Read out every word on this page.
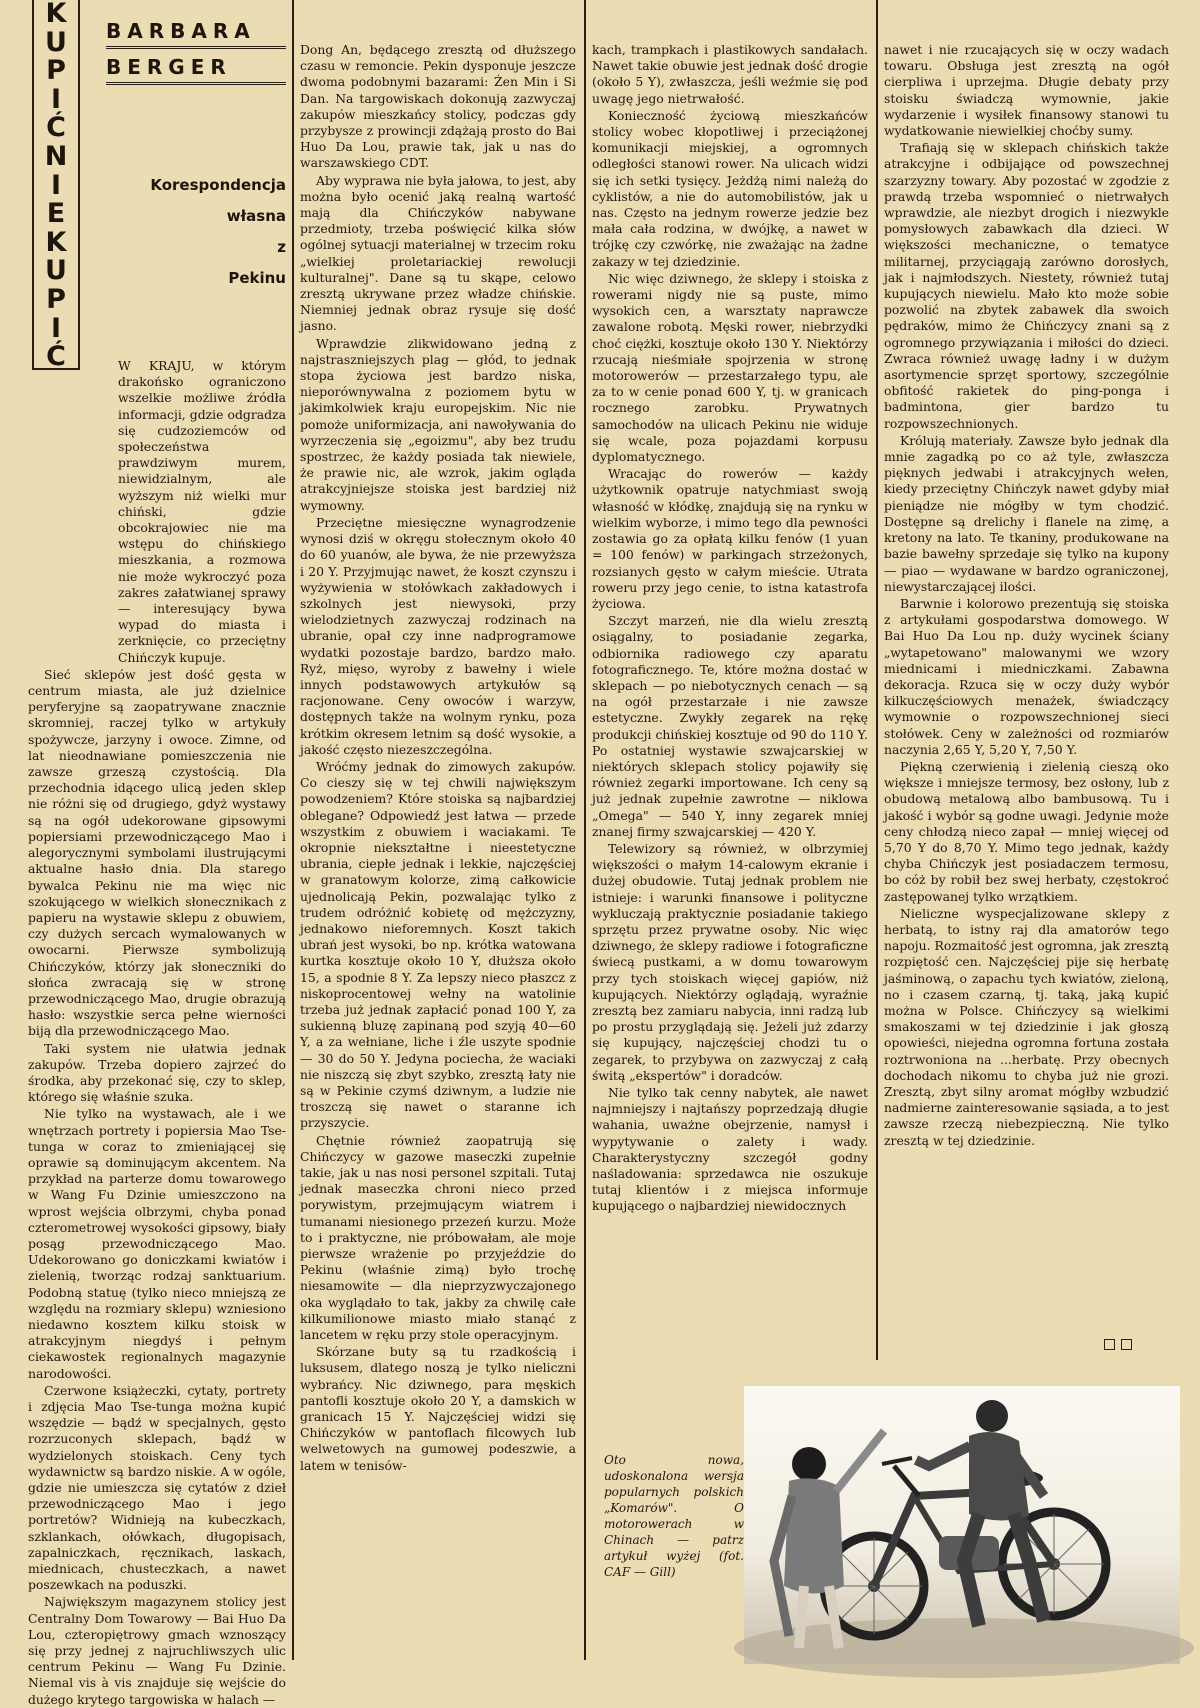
K
U
P
I
Ć
N
I
E
K
U
P
I
Ć
BARBARA
BERGER
Korespondencja
własna
z
Pekinu

W KRAJU, w którym drakońsko ograniczono wszelkie możliwe źródła informacji, gdzie odgradza się cudzoziemców od społeczeństwa prawdziwym murem, niewidzialnym, ale wyższym niż wielki mur chiński, gdzie obcokrajowiec nie ma wstępu do chińskiego mieszkania, a rozmowa nie może wykroczyć poza zakres załatwianej sprawy — interesujący bywa wypad do miasta i zerknięcie, co przeciętny Chińczyk kupuje.

Sieć sklepów jest dość gęsta w centrum miasta, ale już dzielnice peryferyjne są zaopatrywane znacznie skromniej, raczej tylko w artykuły spożywcze, jarzyny i owoce. Zimne, od lat nieodnawiane pomieszczenia nie zawsze grzeszą czystością. Dla przechodnia idącego ulicą jeden sklep nie różni się od drugiego, gdyż wystawy są na ogół udekorowane gipsowymi popiersiami przewodniczącego Mao i alegorycznymi symbolami ilustrującymi aktualne hasło dnia. Dla starego bywalca Pekinu nie ma więc nic szokującego w wielkich słonecznikach z papieru na wystawie sklepu z obuwiem, czy dużych sercach wymalowanych w owocarni. Pierwsze symbolizują Chińczyków, którzy jak słoneczniki do słońca zwracają się w stronę przewodniczącego Mao, drugie obrazują hasło: wszystkie serca pełne wierności biją dla przewodniczącego Mao.

Taki system nie ułatwia jednak zakupów. Trzeba dopiero zajrzeć do środka, aby przekonać się, czy to sklep, którego się właśnie szuka.

Nie tylko na wystawach, ale i we wnętrzach portrety i popiersia Mao Tse-tunga w coraz to zmieniającej się oprawie są dominującym akcentem. Na przykład na parterze domu towarowego w Wang Fu Dzinie umieszczono na wprost wejścia olbrzymi, chyba ponad czterometrowej wysokości gipsowy, biały posąg przewodniczącego Mao. Udekorowano go doniczkami kwiatów i zielenią, tworząc rodzaj sanktuarium. Podobną statuę (tylko nieco mniejszą ze względu na rozmiary sklepu) wzniesiono niedawno kosztem kilku stoisk w atrakcyjnym niegdyś i pełnym ciekawostek regionalnych magazynie narodowości.

Czerwone książeczki, cytaty, portrety i zdjęcia Mao Tse-tunga można kupić wszędzie — bądź w specjalnych, gęsto rozrzuconych sklepach, bądź w wydzielonych stoiskach. Ceny tych wydawnictw są bardzo niskie. A w ogóle, gdzie nie umieszcza się cytatów z dzieł przewodniczącego Mao i jego portretów? Widnieją na kubeczkach, szklankach, ołówkach, długopisach, zapalniczkach, ręcznikach, laskach, miednicach, chusteczkach, a nawet poszewkach na poduszki.

Największym magazynem stolicy jest Centralny Dom Towarowy — Bai Huo Da Lou, czteropiętrowy gmach wznoszący się przy jednej z najruchliwszych ulic centrum Pekinu — Wang Fu Dzinie. Niemal vis à vis znajduje się wejście do dużego krytego targowiska w halach —

Dong An, będącego zresztą od dłuższego czasu w remoncie. Pekin dysponuje jeszcze dwoma podobnymi bazarami: Żen Min i Si Dan. Na targowiskach dokonują zazwyczaj zakupów mieszkańcy stolicy, podczas gdy przybysze z prowincji zdążają prosto do Bai Huo Da Lou, prawie tak, jak u nas do warszawskiego CDT.

Aby wyprawa nie była jałowa, to jest, aby można było ocenić jaką realną wartość mają dla Chińczyków nabywane przedmioty, trzeba poświęcić kilka słów ogólnej sytuacji materialnej w trzecim roku „wielkiej proletariackiej rewolucji kulturalnej". Dane są tu skąpe, celowo zresztą ukrywane przez władze chińskie. Niemniej jednak obraz rysuje się dość jasno.

Wprawdzie zlikwidowano jedną z najstraszniejszych plag — głód, to jednak stopa życiowa jest bardzo niska, nieporównywalna z poziomem bytu w jakimkolwiek kraju europejskim. Nic nie pomoże uniformizacja, ani nawoływania do wyrzeczenia się „egoizmu", aby bez trudu spostrzec, że każdy posiada tak niewiele, że prawie nic, ale wzrok, jakim ogląda atrakcyjniejsze stoiska jest bardziej niż wymowny.

Przeciętne miesięczne wynagrodzenie wynosi dziś w okręgu stołecznym około 40 do 60 yuanów, ale bywa, że nie przewyższa i 20 Y. Przyjmując nawet, że koszt czynszu i wyżywienia w stołówkach zakładowych i szkolnych jest niewysoki, przy wielodzietnych zazwyczaj rodzinach na ubranie, opał czy inne nadprogramowe wydatki pozostaje bardzo, bardzo mało. Ryż, mięso, wyroby z bawełny i wiele innych podstawowych artykułów są racjonowane. Ceny owoców i warzyw, dostępnych także na wolnym rynku, poza krótkim okresem letnim są dość wysokie, a jakość często niezeszczególna.

Wróćmy jednak do zimowych zakupów. Co cieszy się w tej chwili największym powodzeniem? Które stoiska są najbardziej oblegane? Odpowiedź jest łatwa — przede wszystkim z obuwiem i waciakami. Te okropnie niekształtne i nieestetyczne ubrania, ciepłe jednak i lekkie, najczęściej w granatowym kolorze, zimą całkowicie ujednolicają Pekin, pozwalając tylko z trudem odróżnić kobietę od mężczyzny, jednakowo nieforemnych. Koszt takich ubrań jest wysoki, bo np. krótka watowana kurtka kosztuje około 10 Y, dłuższa około 15, a spodnie 8 Y. Za lepszy nieco płaszcz z niskoprocentowej wełny na watolinie trzeba już jednak zapłacić ponad 100 Y, za sukienną bluzę zapinaną pod szyją 40—60 Y, a za wełniane, liche i źle uszyte spodnie — 30 do 50 Y. Jedyna pociecha, że waciaki nie niszczą się zbyt szybko, zresztą łaty nie są w Pekinie czymś dziwnym, a ludzie nie troszczą się nawet o staranne ich przyszycie.

Chętnie również zaopatrują się Chińczycy w gazowe maseczki zupełnie takie, jak u nas nosi personel szpitali. Tutaj jednak maseczka chroni nieco przed porywistym, przejmującym wiatrem i tumanami niesionego przezeń kurzu. Może to i praktyczne, nie próbowałam, ale moje pierwsze wrażenie po przyjeździe do Pekinu (właśnie zimą) było trochę niesamowite — dla nieprzyzwyczajonego oka wyglądało to tak, jakby za chwilę całe kilkumilionowe miasto miało stanąć z lancetem w ręku przy stole operacyjnym.

Skórzane buty są tu rzadkością i luksusem, dlatego noszą je tylko nieliczni wybrańcy. Nic dziwnego, para męskich pantofli kosztuje około 20 Y, a damskich w granicach 15 Y. Najczęściej widzi się Chińczyków w pantoflach filcowych lub welwetowych na gumowej podeszwie, a latem w tenisów-

kach, trampkach i plastikowych sandałach. Nawet takie obuwie jest jednak dość drogie (około 5 Y), zwłaszcza, jeśli weźmie się pod uwagę jego nietrwałość.

Konieczność życiową mieszkańców stolicy wobec kłopotliwej i przeciążonej komunikacji miejskiej, a ogromnych odległości stanowi rower. Na ulicach widzi się ich setki tysięcy. Jeżdżą nimi należą do cyklistów, a nie do automobilistów, jak u nas. Często na jednym rowerze jedzie bez mała cała rodzina, w dwójkę, a nawet w trójkę czy czwórkę, nie zważając na żadne zakazy w tej dziedzinie.

Nic więc dziwnego, że sklepy i stoiska z rowerami nigdy nie są puste, mimo wysokich cen, a warsztaty naprawcze zawalone robotą. Męski rower, niebrzydki choć ciężki, kosztuje około 130 Y. Niektórzy rzucają nieśmiałe spojrzenia w stronę motorowerów — przestarzałego typu, ale za to w cenie ponad 600 Y, tj. w granicach rocznego zarobku. Prywatnych samochodów na ulicach Pekinu nie widuje się wcale, poza pojazdami korpusu dyplomatycznego.

Wracając do rowerów — każdy użytkownik opatruje natychmiast swoją własność w kłódkę, znajdują się na rynku w wielkim wyborze, i mimo tego dla pewności zostawia go za opłatą kilku fenów (1 yuan = 100 fenów) w parkingach strzeżonych, rozsianych gęsto w całym mieście. Utrata roweru przy jego cenie, to istna katastrofa życiowa.

Szczyt marzeń, nie dla wielu zresztą osiągalny, to posiadanie zegarka, odbiornika radiowego czy aparatu fotograficznego. Te, które można dostać w sklepach — po niebotycznych cenach — są na ogół przestarzałe i nie zawsze estetyczne. Zwykły zegarek na rękę produkcji chińskiej kosztuje od 90 do 110 Y. Po ostatniej wystawie szwajcarskiej w niektórych sklepach stolicy pojawiły się również zegarki importowane. Ich ceny są już jednak zupełnie zawrotne — niklowa „Omega" — 540 Y, inny zegarek mniej znanej firmy szwajcarskiej — 420 Y.

Telewizory są również, w olbrzymiej większości o małym 14-calowym ekranie i dużej obudowie. Tutaj jednak problem nie istnieje: i warunki finansowe i polityczne wykluczają praktycznie posiadanie takiego sprzętu przez prywatne osoby. Nic więc dziwnego, że sklepy radiowe i fotograficzne świecą pustkami, a w domu towarowym przy tych stoiskach więcej gapiów, niż kupujących. Niektórzy oglądają, wyraźnie zresztą bez zamiaru nabycia, inni radzą lub po prostu przyglądają się. Jeżeli już zdarzy się kupujący, najczęściej chodzi tu o zegarek, to przybywa on zazwyczaj z całą świtą „ekspertów" i doradców.

Nie tylko tak cenny nabytek, ale nawet najmniejszy i najtańszy poprzedzają długie wahania, uważne obejrzenie, namysł i wypytywanie o zalety i wady. Charakterystyczny szczegół godny naśladowania: sprzedawca nie oszukuje tutaj klientów i z miejsca informuje kupującego o najbardziej niewidocznych

nawet i nie rzucających się w oczy wadach towaru. Obsługa jest zresztą na ogół cierpliwa i uprzejma. Długie debaty przy stoisku świadczą wymownie, jakie wydarzenie i wysiłek finansowy stanowi tu wydatkowanie niewielkiej choćby sumy.

Trafiają się w sklepach chińskich także atrakcyjne i odbijające od powszechnej szarzyzny towary. Aby pozostać w zgodzie z prawdą trzeba wspomnieć o nietrwałych wprawdzie, ale niezbyt drogich i niezwykle pomysłowych zabawkach dla dzieci. W większości mechaniczne, o tematyce militarnej, przyciągają zarówno dorosłych, jak i najmłodszych. Niestety, również tutaj kupujących niewielu. Mało kto może sobie pozwolić na zbytek zabawek dla swoich pędraków, mimo że Chińczycy znani są z ogromnego przywiązania i miłości do dzieci. Zwraca również uwagę ładny i w dużym asortymencie sprzęt sportowy, szczególnie obfitość rakietek do ping-ponga i badmintona, gier bardzo tu rozpowszechnionych.

Królują materiały. Zawsze było jednak dla mnie zagadką po co aż tyle, zwłaszcza pięknych jedwabi i atrakcyjnych wełen, kiedy przeciętny Chińczyk nawet gdyby miał pieniądze nie mógłby w tym chodzić. Dostępne są drelichy i flanele na zimę, a kretony na lato. Te tkaniny, produkowane na bazie bawełny sprzedaje się tylko na kupony — piao — wydawane w bardzo ograniczonej, niewystarczającej ilości.

Barwnie i kolorowo prezentują się stoiska z artykułami gospodarstwa domowego. W Bai Huo Da Lou np. duży wycinek ściany „wytapetowano" malowanymi we wzory miednicami i miedniczkami. Zabawna dekoracja. Rzuca się w oczy duży wybór kilkuczęściowych menażek, świadczący wymownie o rozpowszechnionej sieci stołówek. Ceny w zależności od rozmiarów naczynia 2,65 Y, 5,20 Y, 7,50 Y.

Piękną czerwienią i zielenią cieszą oko większe i mniejsze termosy, bez osłony, lub z obudową metalową albo bambusową. Tu i jakość i wybór są godne uwagi. Jedynie może ceny chłodzą nieco zapał — mniej więcej od 5,70 Y do 8,70 Y. Mimo tego jednak, każdy chyba Chińczyk jest posiadaczem termosu, bo cóż by robił bez swej herbaty, częstokroć zastępowanej tylko wrzątkiem.

Nieliczne wyspecjalizowane sklepy z herbatą, to istny raj dla amatorów tego napoju. Rozmaitość jest ogromna, jak zresztą rozpiętość cen. Najczęściej pije się herbatę jaśminową, o zapachu tych kwiatów, zieloną, no i czasem czarną, tj. taką, jaką kupić można w Polsce. Chińczycy są wielkimi smakoszami w tej dziedzinie i jak głoszą opowieści, niejedna ogromna fortuna została roztrwoniona na ...herbatę. Przy obecnych dochodach nikomu to chyba już nie grozi. Zresztą, zbyt silny aromat mógłby wzbudzić nadmierne zainteresowanie sąsiada, a to jest zawsze rzeczą niebezpieczną. Nie tylko zresztą w tej dziedzinie.

Oto nowa, udoskonalona wersja popularnych polskich „Komarów". O motorowerach w Chinach — patrz artykuł wyżej (fot. CAF — Gill)
